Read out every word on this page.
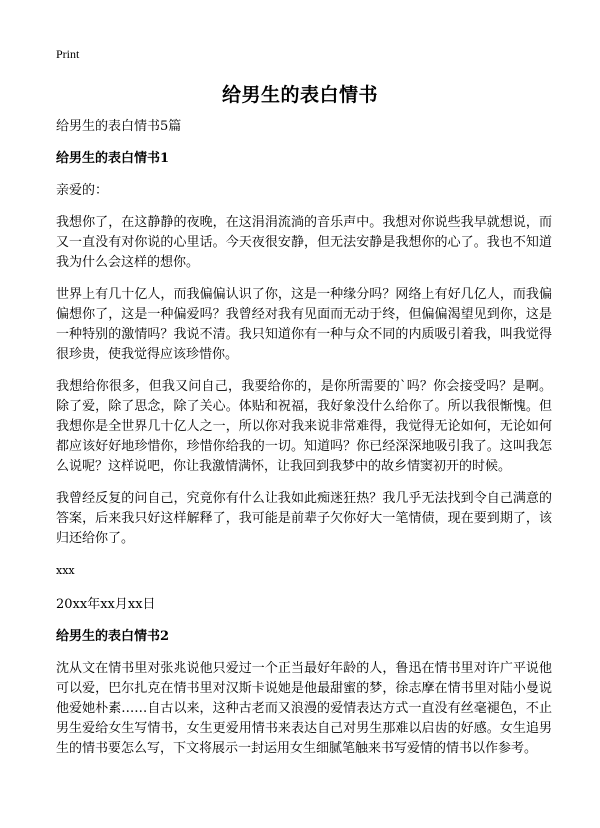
Print
给男生的表白情书

给男生的表白情书5篇

给男生的表白情书1

亲爱的：

我想你了，在这静静的夜晚，在这涓涓流淌的音乐声中。我想对你说些我早就想说，而又一直没有对你说的心里话。今天夜很安静，但无法安静是我想你的心了。我也不知道我为什么会这样的想你。

世界上有几十亿人，而我偏偏认识了你，这是一种缘分吗？网络上有好几亿人，而我偏偏想你了，这是一种偏爱吗？我曾经对我有见面而无动于终，但偏偏渴望见到你，这是一种特别的激情吗？我说不清。我只知道你有一种与众不同的内质吸引着我，叫我觉得很珍贵，使我觉得应该珍惜你。

我想给你很多，但我又问自己，我要给你的，是你所需要的`吗？你会接受吗？是啊。除了爱，除了思念，除了关心。体贴和祝福，我好象没什么给你了。所以我很惭愧。但我想你是全世界几十亿人之一，所以你对我来说非常难得，我觉得无论如何，无论如何都应该好好地珍惜你，珍惜你给我的一切。知道吗？你已经深深地吸引我了。这叫我怎么说呢？这样说吧，你让我激情满怀，让我回到我梦中的故乡情窦初开的时候。

我曾经反复的问自己，究竟你有什么让我如此痴迷狂热？我几乎无法找到令自己满意的答案，后来我只好这样解释了，我可能是前辈子欠你好大一笔情债，现在要到期了，该归还给你了。

xxx

20xx年xx月xx日

给男生的表白情书2

沈从文在情书里对张兆说他只爱过一个正当最好年龄的人，鲁迅在情书里对许广平说他可以爱，巴尔扎克在情书里对汉斯卡说她是他最甜蜜的梦，徐志摩在情书里对陆小曼说他爱她朴素……自古以来，这种古老而又浪漫的爱情表达方式一直没有丝毫褪色，不止男生爱给女生写情书，女生更爱用情书来表达自己对男生那难以启齿的好感。女生追男生的情书要怎么写，下文将展示一封运用女生细腻笔触来书写爱情的情书以作参考。
